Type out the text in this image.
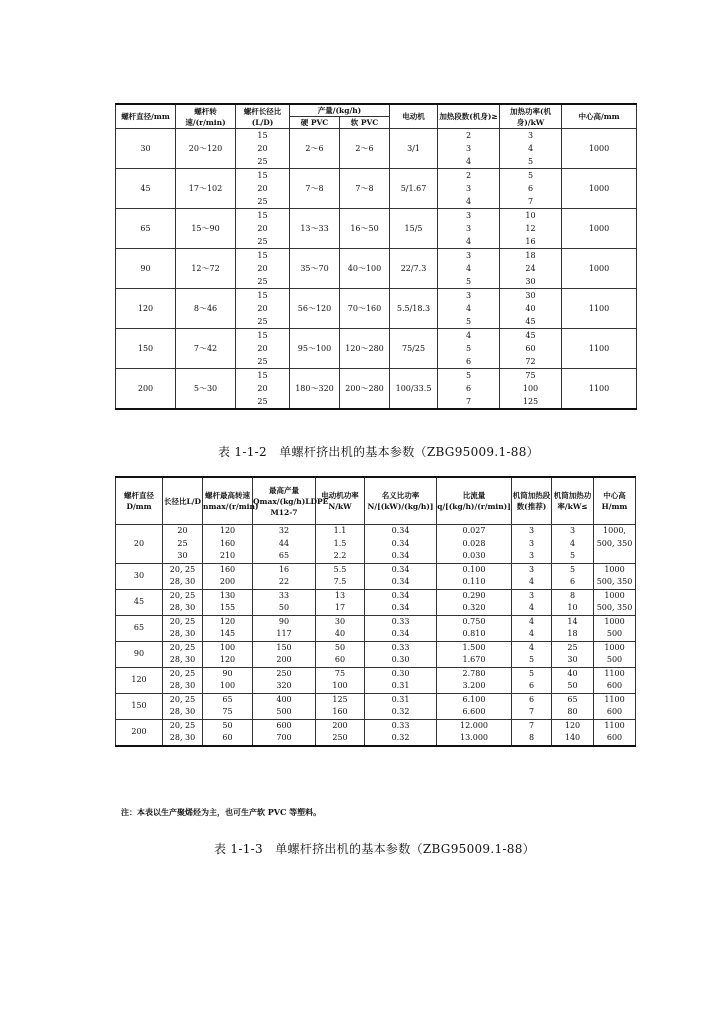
螺杆直径/mm	螺杆转速/(r/min)	螺杆长径比(L/D)	产量/(kg/h)		电动机	加热段数(机身)≥	加热功率(机身)/kW	中心高/mm
			硬 PVC	软 PVC				
30	20～120	15	2～6	2～6	3/1	2	3	1000
		20				3	4	
		25				4	5	
45	17～102	15	7～8	7～8	5/1.67	2	5	1000
		20				3	6	
		25				4	7	
65	15～90	15	13～33	16～50	15/5	3	10	1000
		20				3	12	
		25				4	16	
90	12～72	15	35～70	40～100	22/7.3	3	18	1000
		20				4	24	
		25				5	30	
120	8～46	15	56～120	70～160	5.5/18.3	3	30	1100
		20				4	40	
		25				5	45	
150	7～42	15	95～100	120～280	75/25	4	45	1100
		20				5	60	
		25				6	72	
200	5～30	15	180～320	200～280	100/33.5	5	75	1100
		20				6	100	
		25				7	125	
表 1-1-2　单螺杆挤出机的基本参数（ZBG95009.1-88）
螺杆直径D/mm	长径比L/D	螺杆最高转速 nmax/(r/min)	最高产量Qmax/(kg/h)LDPE M12-7	电动机功率 N/kW	名义比功率N/[(kW)/(kg/h)]	比流量 q/[(kg/h)/(r/min)]	机筒加热段数(推荐)	机筒加热功率/kW≤	中心高H/mm
20	20	120	32	1.1	0.34	0.027	3	3	1000,
	25	160	44	1.5	0.34	0.028	3	4	500, 350
	30	210	65	2.2	0.34	0.030	3	5	
30	20, 25	160	16	5.5	0.34	0.100	3	5	1000
	28, 30	200	22	7.5	0.34	0.110	4	6	500, 350
45	20, 25	130	33	13	0.34	0.290	3	8	1000
	28, 30	155	50	17	0.34	0.320	4	10	500, 350
65	20, 25	120	90	30	0.33	0.750	4	14	1000
	28, 30	145	117	40	0.34	0.810	4	18	500
90	20, 25	100	150	50	0.33	1.500	4	25	1000
	28, 30	120	200	60	0.30	1.670	5	30	500
120	20, 25	90	250	75	0.30	2.780	5	40	1100
	28, 30	100	320	100	0.31	3.200	6	50	600
150	20, 25	65	400	125	0.31	6.100	6	65	1100
	28, 30	75	500	160	0.32	6.600	7	80	600
200	20, 25	50	600	200	0.33	12.000	7	120	1100
	28, 30	60	700	250	0.32	13.000	8	140	600
注：本表以生产聚烯烃为主，也可生产软 PVC 等塑料。
表 1-1-3　单螺杆挤出机的基本参数（ZBG95009.1-88）
